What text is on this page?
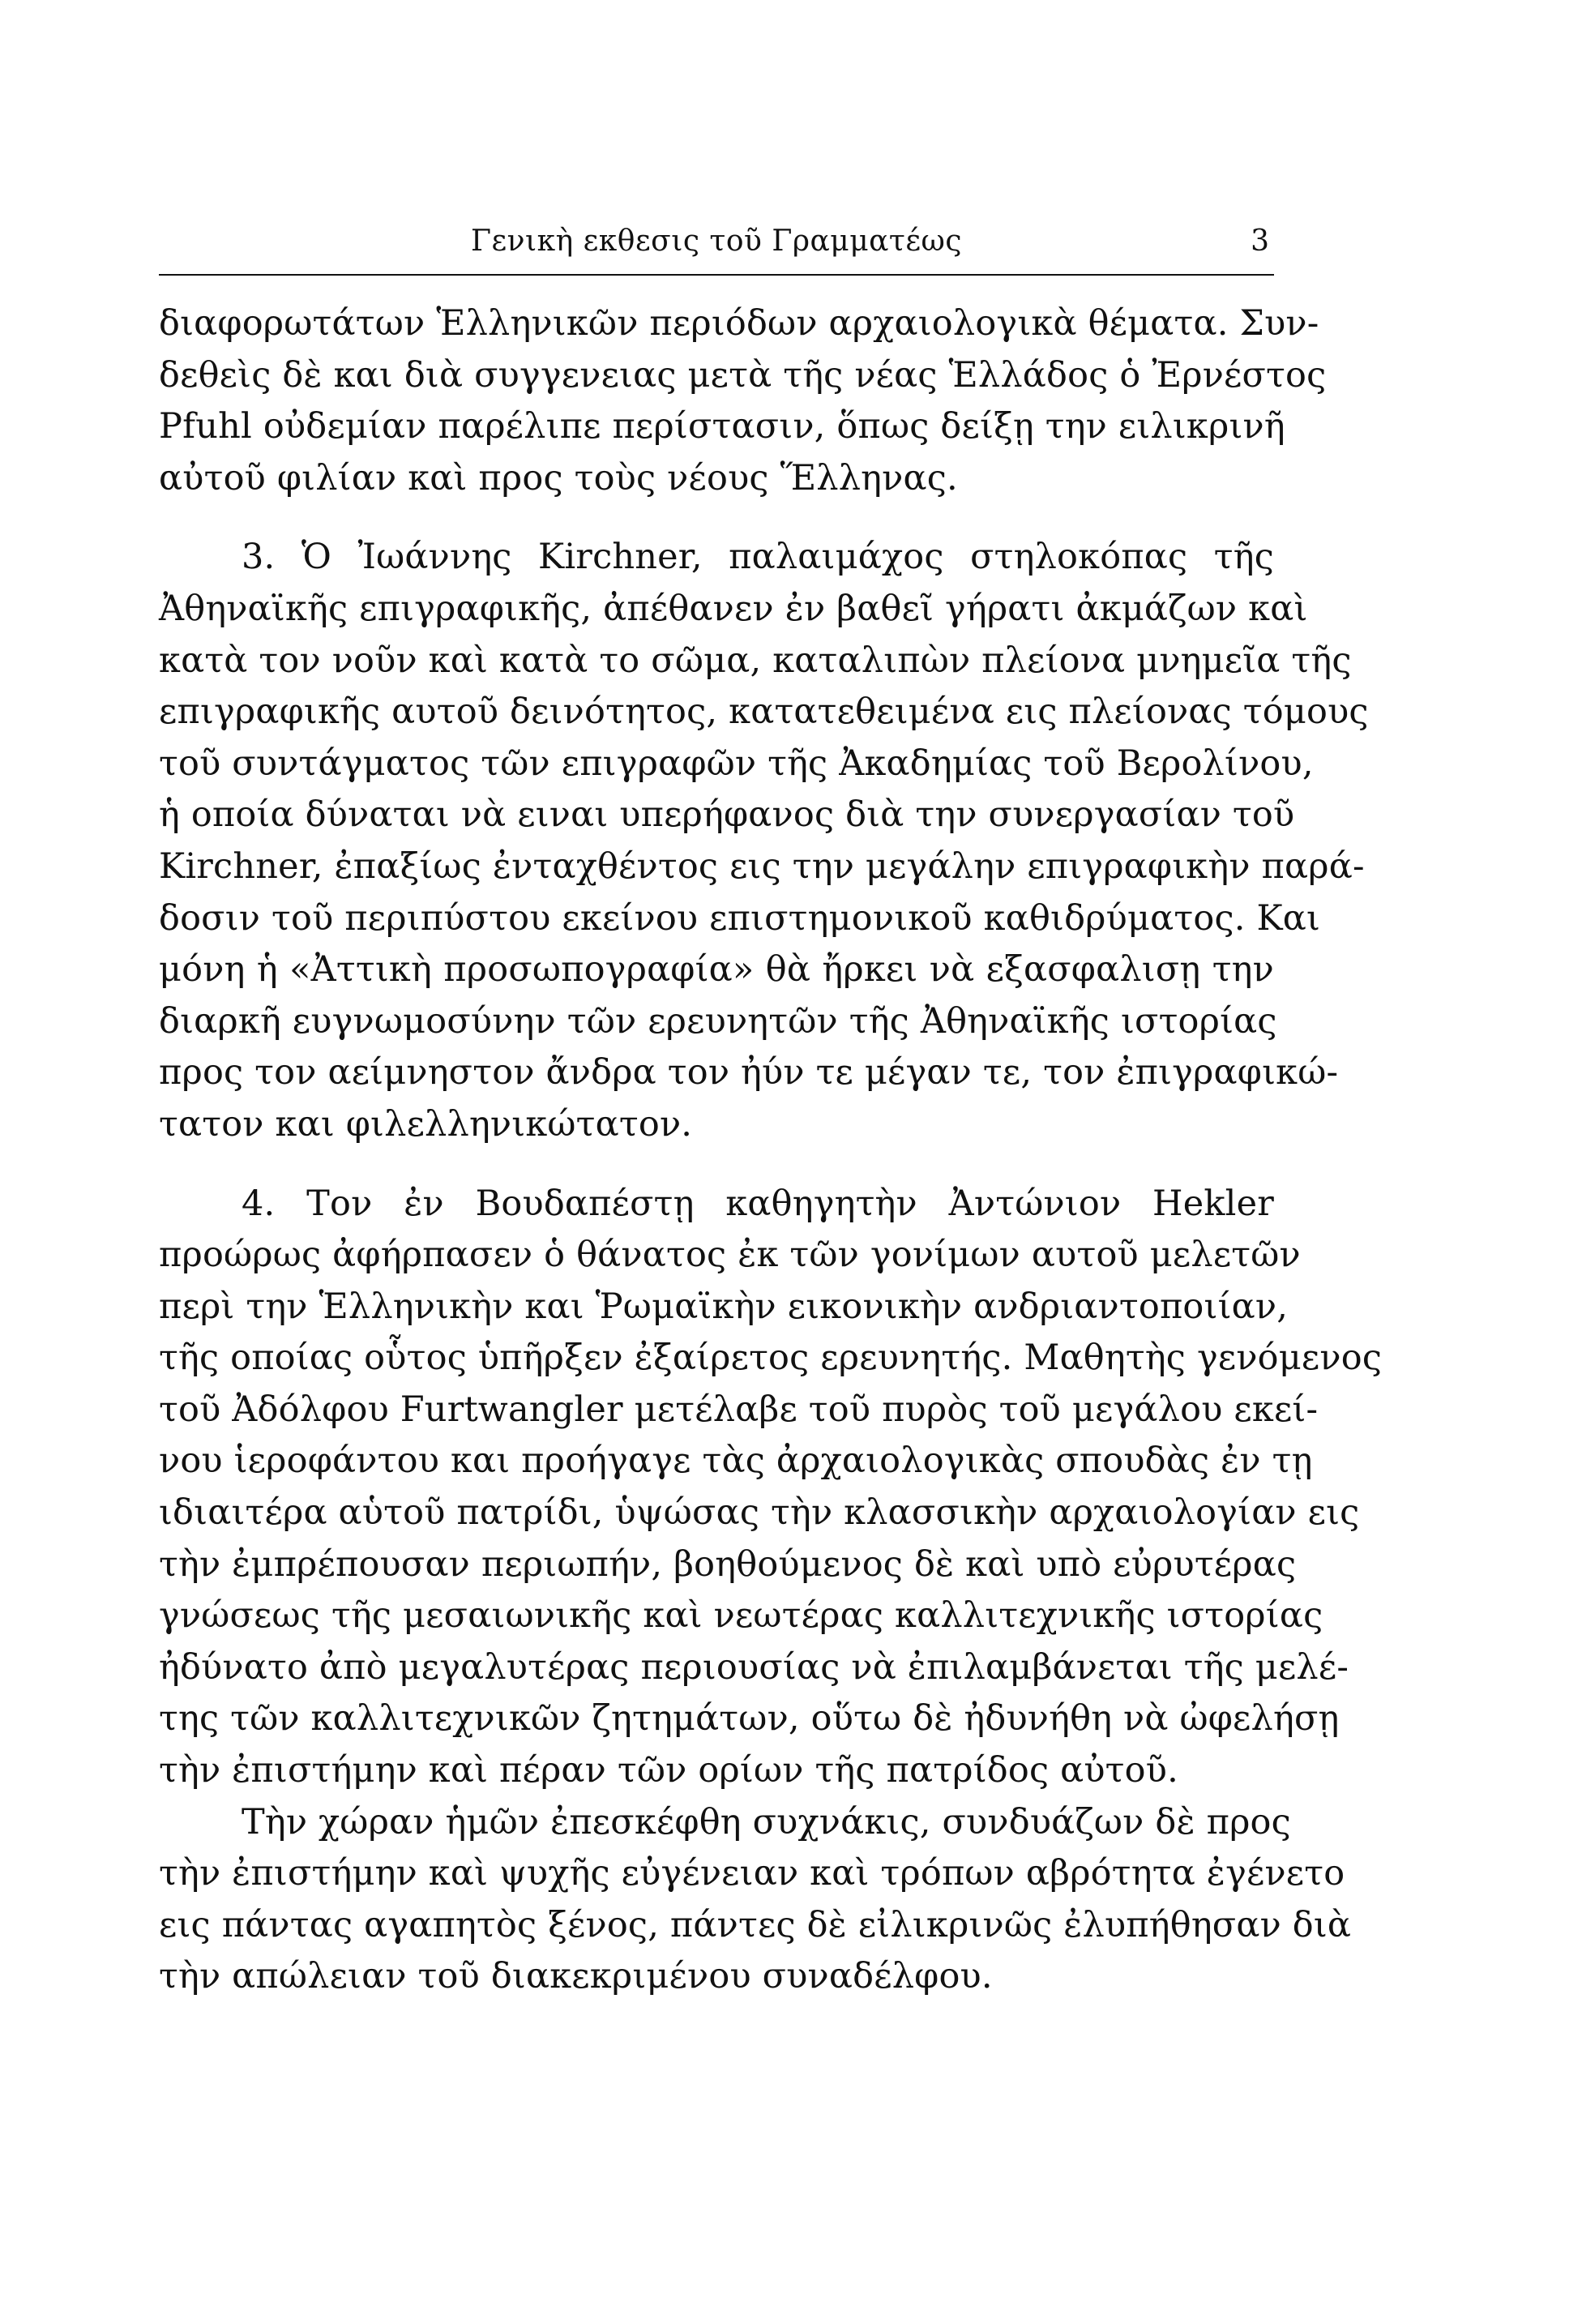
Γενικὴ εκθεσις τοῦ Γραμματέως	3
διαφορωτάτων Ἑλληνικῶν περιόδων αρχαιολογικὰ θέματα. Συν-
δεθεὶς δὲ και διὰ συγγενειας μετὰ τῆς νέας Ἑλλάδος ὁ Ἐρνέστος
Pfuhl οὐδεμίαν παρέλιπε περίστασιν, ὅπως δείξῃ την ειλικρινῆ
αὐτοῦ φιλίαν καὶ προς τοὺς νέους Ἕλληνας.
3. Ὁ Ἰωάννης Kirchner, παλαιμάχος στηλοκόπας τῆς
Ἀθηναϊκῆς επιγραφικῆς, ἀπέθανεν ἐν βαθεῖ γήρατι ἀκμάζων καὶ
κατὰ τον νοῦν καὶ κατὰ το σῶμα, καταλιπὼν πλείονα μνημεῖα τῆς
επιγραφικῆς αυτοῦ δεινότητος, κατατεθειμένα εις πλείονας τόμους
τοῦ συντάγματος τῶν επιγραφῶν τῆς Ἀκαδημίας τοῦ Βερολίνου,
ἡ οποία δύναται νὰ ειναι υπερήφανος διὰ την συνεργασίαν τοῦ
Kirchner, ἐπαξίως ἐνταχθέντος εις την μεγάλην επιγραφικὴν παρά-
δοσιν τοῦ περιπύστου εκείνου επιστημονικοῦ καθιδρύματος. Και
μόνη ἡ «Ἀττικὴ προσωπογραφία» θὰ ἤρκει νὰ εξασφαλισῃ την
διαρκῆ ευγνωμοσύνην τῶν ερευνητῶν τῆς Ἀθηναϊκῆς ιστορίας
προς τον αείμνηστον ἄνδρα τον ἠύν τε μέγαν τε, τον ἐπιγραφικώ-
τατον και φιλελληνικώτατον.
4. Τον ἐν Βουδαπέστῃ καθηγητὴν Ἀντώνιον Hekler
προώρως ἀφήρπασεν ὁ θάνατος ἐκ τῶν γονίμων αυτοῦ μελετῶν
περὶ την Ἑλληνικὴν και Ῥωμαϊκὴν εικονικὴν ανδριαντοποιίαν,
τῆς οποίας οὗτος ὑπῆρξεν ἐξαίρετος ερευνητής. Μαθητὴς γενόμενος
τοῦ Ἀδόλφου Furtwangler μετέλαβε τοῦ πυρὸς τοῦ μεγάλου εκεί-
νου ἱεροφάντου και προήγαγε τὰς ἀρχαιολογικὰς σπουδὰς ἐν τῃ
ιδιαιτέρα αὑτοῦ πατρίδι, ὑψώσας τὴν κλασσικὴν αρχαιολογίαν εις
τὴν ἐμπρέπουσαν περιωπήν, βοηθούμενος δὲ καὶ υπὸ εὐρυτέρας
γνώσεως τῆς μεσαιωνικῆς καὶ νεωτέρας καλλιτεχνικῆς ιστορίας
ἠδύνατο ἀπὸ μεγαλυτέρας περιουσίας νὰ ἐπιλαμβάνεται τῆς μελέ-
της τῶν καλλιτεχνικῶν ζητημάτων, οὕτω δὲ ἠδυνήθη νὰ ὠφελήσῃ
τὴν ἐπιστήμην καὶ πέραν τῶν ορίων τῆς πατρίδος αὐτοῦ.
Τὴν χώραν ἡμῶν ἐπεσκέφθη συχνάκις, συνδυάζων δὲ προς
τὴν ἐπιστήμην καὶ ψυχῆς εὐγένειαν καὶ τρόπων αβρότητα ἐγένετο
εις πάντας αγαπητὸς ξένος, πάντες δὲ εἰλικρινῶς ἐλυπήθησαν διὰ
τὴν απώλειαν τοῦ διακεκριμένου συναδέλφου.
